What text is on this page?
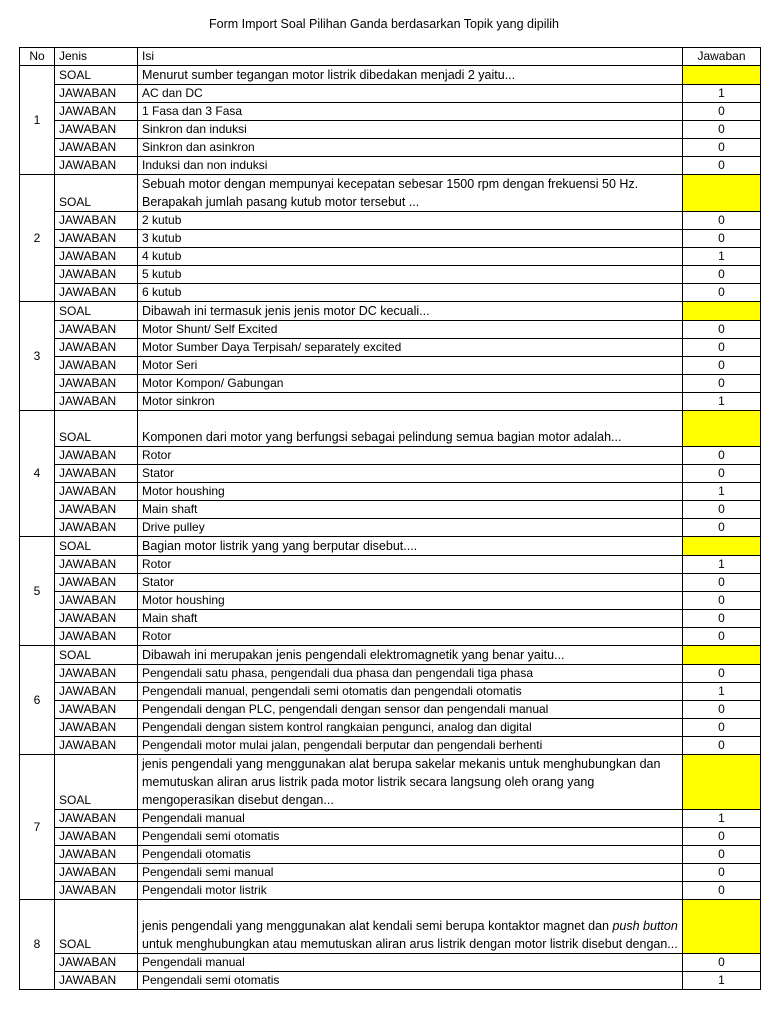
Form Import Soal Pilihan Ganda berdasarkan Topik yang dipilih
No	Jenis	Isi	Jawaban
1	SOAL	Menurut sumber tegangan motor listrik dibedakan menjadi 2 yaitu...	
	JAWABAN	AC dan DC	1
	JAWABAN	1 Fasa dan 3 Fasa	0
	JAWABAN	Sinkron dan induksi	0
	JAWABAN	Sinkron dan asinkron	0
	JAWABAN	Induksi dan non induksi	0
2	SOAL	Sebuah motor dengan mempunyai kecepatan sebesar 1500 rpm dengan frekuensi 50 Hz. Berapakah jumlah pasang kutub motor tersebut ...	
	JAWABAN	2 kutub	0
	JAWABAN	3 kutub	0
	JAWABAN	4 kutub	1
	JAWABAN	5 kutub	0
	JAWABAN	6 kutub	0
3	SOAL	Dibawah ini termasuk jenis jenis motor DC kecuali...	
	JAWABAN	Motor Shunt/ Self Excited	0
	JAWABAN	Motor Sumber Daya Terpisah/ separately excited	0
	JAWABAN	Motor Seri	0
	JAWABAN	Motor Kompon/ Gabungan	0
	JAWABAN	Motor sinkron	1
4	SOAL	Komponen dari motor yang berfungsi sebagai pelindung semua bagian motor adalah...	
	JAWABAN	Rotor	0
	JAWABAN	Stator	0
	JAWABAN	Motor houshing	1
	JAWABAN	Main shaft	0
	JAWABAN	Drive pulley	0
5	SOAL	Bagian motor listrik yang yang berputar disebut....	
	JAWABAN	Rotor	1
	JAWABAN	Stator	0
	JAWABAN	Motor houshing	0
	JAWABAN	Main shaft	0
	JAWABAN	Rotor	0
6	SOAL	Dibawah ini merupakan jenis pengendali elektromagnetik yang benar yaitu...	
	JAWABAN	Pengendali satu phasa, pengendali dua phasa dan pengendali tiga phasa	0
	JAWABAN	Pengendali manual, pengendali semi otomatis dan pengendali otomatis	1
	JAWABAN	Pengendali dengan PLC, pengendali dengan sensor dan pengendali manual	0
	JAWABAN	Pengendali dengan sistem kontrol rangkaian pengunci, analog dan digital	0
	JAWABAN	Pengendali motor mulai jalan, pengendali berputar dan pengendali berhenti	0
7	SOAL	jenis pengendali yang menggunakan alat berupa sakelar mekanis untuk menghubungkan dan memutuskan aliran arus listrik pada motor listrik secara langsung oleh orang yang mengoperasikan disebut dengan...	
	JAWABAN	Pengendali manual	1
	JAWABAN	Pengendali semi otomatis	0
	JAWABAN	Pengendali otomatis	0
	JAWABAN	Pengendali semi manual	0
	JAWABAN	Pengendali motor listrik	0
8	SOAL	jenis pengendali yang menggunakan alat kendali semi berupa kontaktor magnet dan push button untuk menghubungkan atau memutuskan aliran arus listrik dengan motor listrik disebut dengan...	
	JAWABAN	Pengendali manual	0
	JAWABAN	Pengendali semi otomatis	1
